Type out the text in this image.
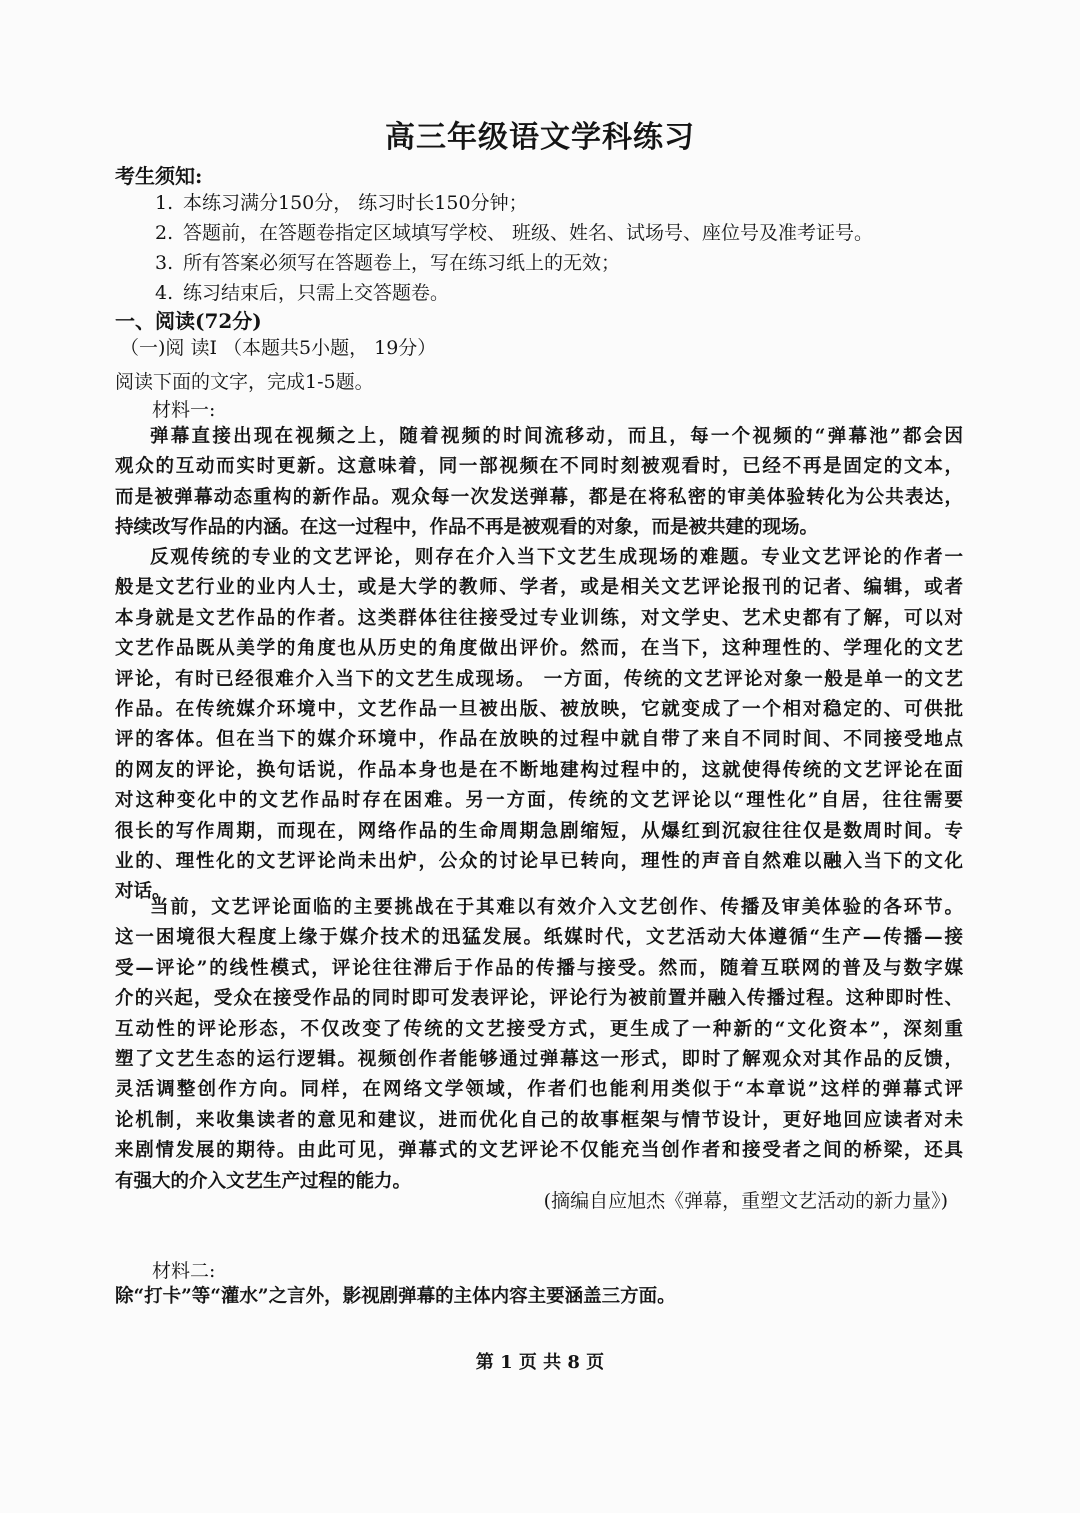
高三年级语文学科练习
考生须知:
1. 本练习满分150分， 练习时长150分钟；
2. 答题前，在答题卷指定区域填写学校、 班级、姓名、试场号、座位号及准考证号。
3. 所有答案必须写在答题卷上，写在练习纸上的无效；
4. 练习结束后，只需上交答题卷。
一、阅读(72分)
（一)阅 读I （本题共5小题， 19分）
阅读下面的文字，完成1-5题。
材料一:
弹幕直接出现在视频之上，随着视频的时间流移动，而且，每一个视频的“弹幕池”都会因
观众的互动而实时更新。这意味着，同一部视频在不同时刻被观看时，已经不再是固定的文本，
而是被弹幕动态重构的新作品。观众每一次发送弹幕，都是在将私密的审美体验转化为公共表达，
持续改写作品的内涵。在这一过程中，作品不再是被观看的对象，而是被共建的现场。
反观传统的专业的文艺评论，则存在介入当下文艺生成现场的难题。专业文艺评论的作者一
般是文艺行业的业内人士，或是大学的教师、学者，或是相关文艺评论报刊的记者、编辑，或者
本身就是文艺作品的作者。这类群体往往接受过专业训练，对文学史、艺术史都有了解，可以对
文艺作品既从美学的角度也从历史的角度做出评价。然而，在当下，这种理性的、学理化的文艺
评论，有时已经很难介入当下的文艺生成现场。 一方面，传统的文艺评论对象一般是单一的文艺
作品。在传统媒介环境中，文艺作品一旦被出版、被放映，它就变成了一个相对稳定的、可供批
评的客体。但在当下的媒介环境中，作品在放映的过程中就自带了来自不同时间、不同接受地点
的网友的评论，换句话说，作品本身也是在不断地建构过程中的，这就使得传统的文艺评论在面
对这种变化中的文艺作品时存在困难。另一方面，传统的文艺评论以“理性化”自居，往往需要
很长的写作周期，而现在，网络作品的生命周期急剧缩短，从爆红到沉寂往往仅是数周时间。专
业的、理性化的文艺评论尚未出炉，公众的讨论早已转向，理性的声音自然难以融入当下的文化
对话。
当前，文艺评论面临的主要挑战在于其难以有效介入文艺创作、传播及审美体验的各环节。
这一困境很大程度上缘于媒介技术的迅猛发展。纸媒时代，文艺活动大体遵循“生产—传播—接
受—评论”的线性模式，评论往往滞后于作品的传播与接受。然而，随着互联网的普及与数字媒
介的兴起，受众在接受作品的同时即可发表评论，评论行为被前置并融入传播过程。这种即时性、
互动性的评论形态，不仅改变了传统的文艺接受方式，更生成了一种新的“文化资本”，深刻重
塑了文艺生态的运行逻辑。视频创作者能够通过弹幕这一形式，即时了解观众对其作品的反馈，
灵活调整创作方向。同样，在网络文学领域，作者们也能利用类似于“本章说”这样的弹幕式评
论机制，来收集读者的意见和建议，进而优化自己的故事框架与情节设计，更好地回应读者对未
来剧情发展的期待。由此可见，弹幕式的文艺评论不仅能充当创作者和接受者之间的桥梁，还具
有强大的介入文艺生产过程的能力。
(摘编自应旭杰《弹幕，重塑文艺活动的新力量》)
材料二:
除“打卡”等“灌水”之言外，影视剧弹幕的主体内容主要涵盖三方面。
第 1 页 共 8 页
